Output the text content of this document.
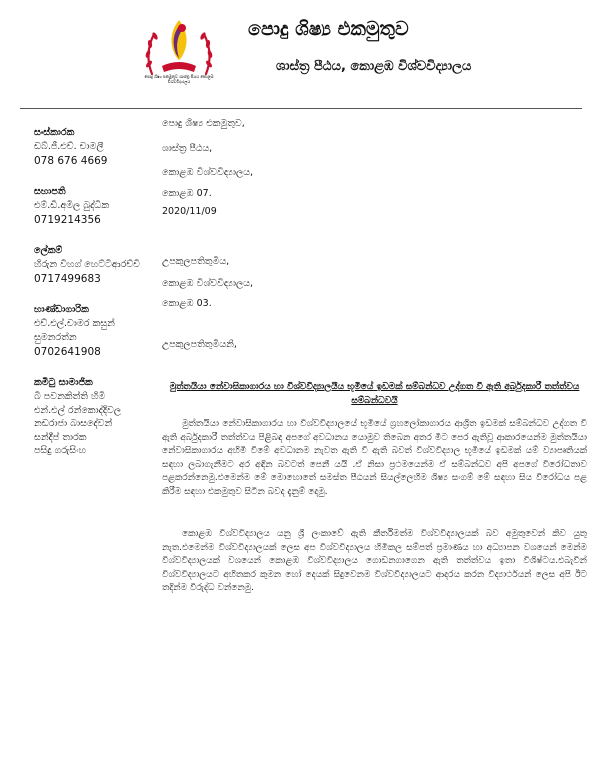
පොදු ශිෂ්‍ය එකමුතුව ශාස්ත්‍ර පීඨය කොළඹ විශ්වවිද්‍යාලය
පොදු ශිෂ්‍ය එකමුතුව
ශාස්ත්‍ර පීඨය, කොළඹ විශ්වවිද්‍යාලය
සංස්කාරක
ඩබ්.ජී.එච්. චාමලී
078 676 4669
සභාපති
එම්.ඩී.අමිල බුද්ධික
0719214356
ලේකම්
හිරුන විහග් හෙට්ටිආරච්චි
0717499683
භාණ්ඩාගාරික
එච්.එල්.චාමර කසුන්
සුමනරත්න
0702641908
කමිටු සාමාජික
බී පවනකිත්ති හිමි
එන්.එල් රන්කොද්දිවල
නඩරාජා බාසදේවන්
සන්දීප් තාරක
පසිදු ගරුසිංහ
පොදු ශිෂ්‍ය එකමුතුව,
ශාස්ත්‍ර පීඨය,
කොළඹ විශ්වවිද්‍යාලය,
කොළඹ 07.
2020/11/09
උපකුලපතිතුමිය,
කොළඹ විශ්වවිද්‍යාලය,
කොළඹ 03.
උපකුලපතිතුමියනි,
මුත්තයියා නේවාසිකාගාරය හා විශ්වවිද්‍යාලයීය භූමියේ ඉඩමක් සම්බන්ධව උද්ගත වී ඇති අර්බුදකාරී තත්ත්වය සම්බන්ධවයි

මුත්තයියා නේවාසිකාගාරය හා විශ්වවිද්‍යාලයේ භූමියේ ග්‍රහලෝකාගාරය ආශ්‍රිත ඉඩමක් සම්බන්ධව උද්ගත වී ඇති අර්බුදකාරී තත්ත්වය පිළිබඳ අපගේ අවධානය යොමුව තිබෙන අතර මීට පෙර ඇතිවූ ආකාරයෙන්ම මුත්තයියා නේවාසිකාගාරය අහිමි වීමේ අවධානම නැවත ඇති වී ඇති බවත් විශ්වවිද්‍යාල භූමියේ ඉඩමක් යම් ව්‍යාපෘතියක් සඳහා ලබාගැනීමට අර අඳින බවටත් පෙනී යයි .ඒ නිසා ප්‍රථමයෙන්ම ඒ සම්බන්ධව අපි අපගේ විරෝධතාව පළකරන්නෙමු.එමෙන්ම මේ මොහොතේ සමස්ත පීඨයන් සියල්ලෙහිම ශිෂ්‍ය සංගම් මේ සඳහා සිය විරෝධය පළ කිරීම සඳහා එකමුතුව සිටින බවද දැනුම් දෙමු.

කොළඹ විශ්වවිද්‍යාලය යනු ශ්‍රී ලංකාවේ ඇති කීර්තිමත්ම විශ්වවිද්‍යාලයක් බව අමුතුවෙන් කිව යුතු නැත.එමෙන්ම විශ්වවිද්‍යාලයක් ලෙස අප විශ්වවිද්‍යාලය හිමිකල සම්පත් ප්‍රමාණය හා අධ්‍යාපන වශයෙන් මෙන්ම විශ්වවිද්‍යාලයක් වශයෙන් කොළඹ විශ්වවිද්‍යාලය ගොඩනගාගෙන ඇති තත්ත්වය ඉතා විශිෂ්ටය.එබැවින් විශ්වවිද්‍යාලයට අහිතකර කුමන හෝ දෙයක් සිදුවෙනම විශ්වවිද්‍යාලයට ආදරය කරන විද්‍යාර්ථයන් ලෙස අපි ඊට තදින්ම විරුද්ධ වන්නෙමු.
